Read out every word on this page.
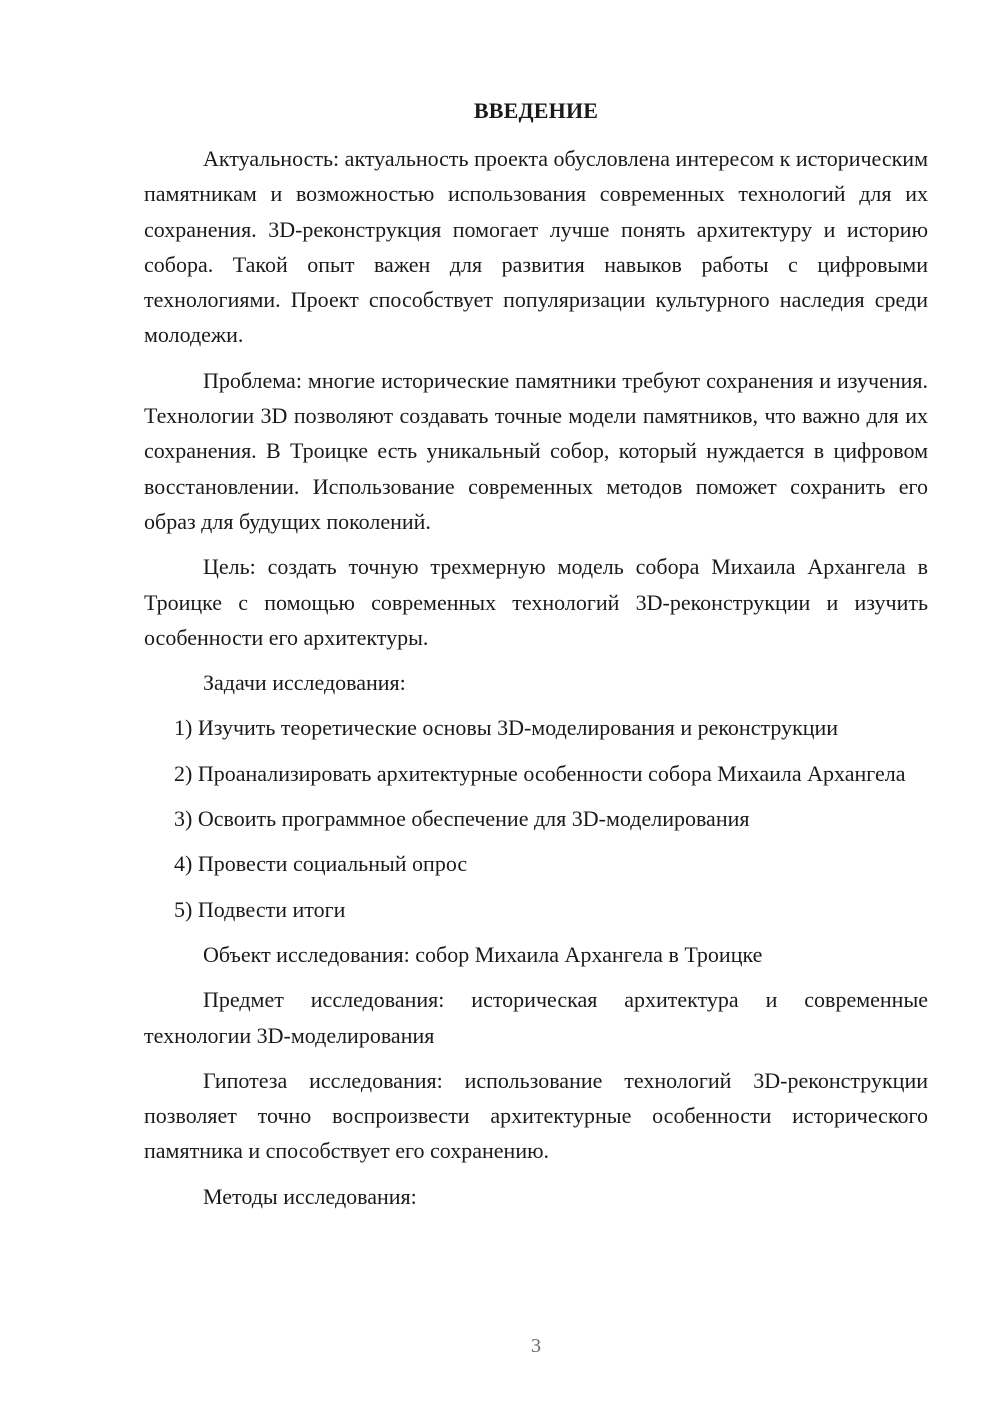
ВВЕДЕНИЕ

Актуальность: актуальность проекта обусловлена интересом к историческим памятникам и возможностью использования современных технологий для их сохранения. 3D-реконструкция помогает лучше понять архитектуру и историю собора. Такой опыт важен для развития навыков работы с цифровыми технологиями. Проект способствует популяризации культурного наследия среди молодежи.

Проблема: многие исторические памятники требуют сохранения и изучения. Технологии 3D позволяют создавать точные модели памятников, что важно для их сохранения. В Троицке есть уникальный собор, который нуждается в цифровом восстановлении. Использование современных методов поможет сохранить его образ для будущих поколений.

Цель: создать точную трехмерную модель собора Михаила Архангела в Троицке с помощью современных технологий 3D-реконструкции и изучить особенности его архитектуры.

Задачи исследования:

1) Изучить теоретические основы 3D-моделирования и реконструкции

2) Проанализировать архитектурные особенности собора Михаила Архангела

3) Освоить программное обеспечение для 3D-моделирования

4) Провести социальный опрос

5) Подвести итоги

Объект исследования: собор Михаила Архангела в Троицке

Предмет исследования: историческая архитектура и современные технологии 3D-моделирования

Гипотеза исследования: использование технологий 3D-реконструкции позволяет точно воспроизвести архитектурные особенности исторического памятника и способствует его сохранению.

Методы исследования:

3
